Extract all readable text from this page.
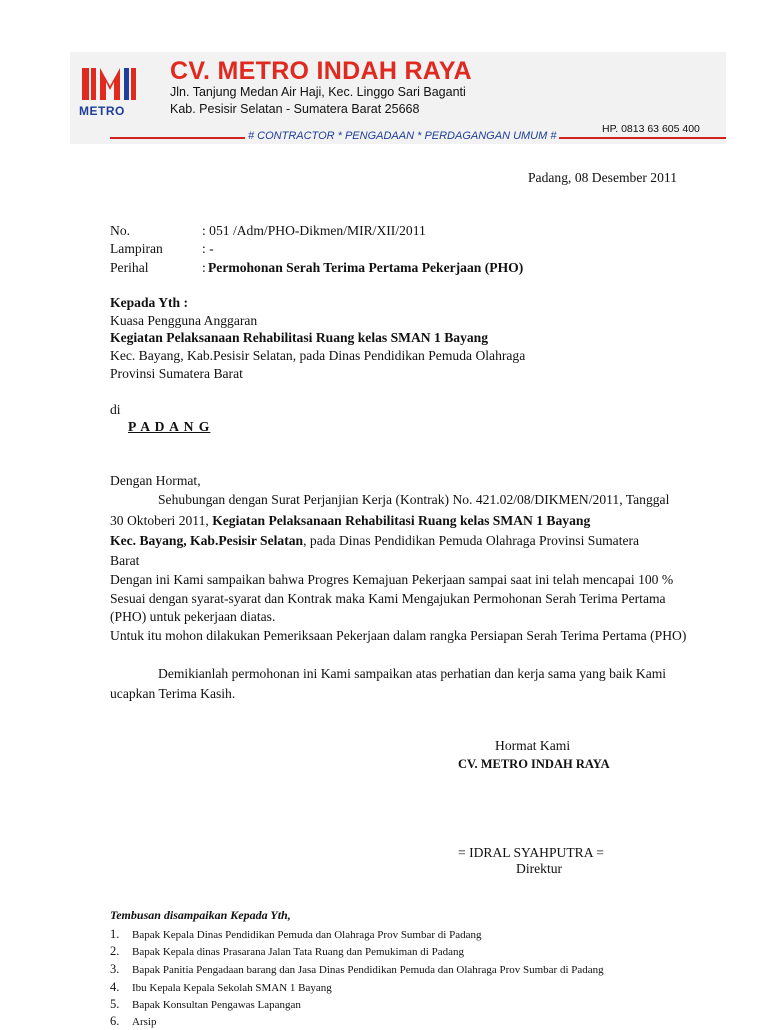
METRO
CV. METRO INDAH RAYA
Jln. Tanjung Medan Air Haji, Kec. Linggo Sari Baganti
Kab. Pesisir Selatan - Sumatera Barat 25668
HP. 0813 63 605 400
# CONTRACTOR * PENGADAAN * PERDAGANGAN UMUM #
Padang, 08 Desember 2011
No.	: 051 /Adm/PHO-Dikmen/MIR/XII/2011
Lampiran	: -
Perihal	: Permohonan Serah Terima Pertama Pekerjaan (PHO)
Kepada Yth :
Kuasa Pengguna Anggaran
Kegiatan Pelaksanaan Rehabilitasi Ruang kelas SMAN 1 Bayang
Kec. Bayang, Kab.Pesisir Selatan, pada Dinas Pendidikan Pemuda Olahraga
Provinsi Sumatera Barat
di
P A D A N G
Dengan Hormat,
Sehubungan dengan Surat Perjanjian Kerja (Kontrak) No. 421.02/08/DIKMEN/2011, Tanggal
30 Oktoberi 2011, Kegiatan Pelaksanaan Rehabilitasi Ruang kelas SMAN 1 Bayang
Kec. Bayang, Kab.Pesisir Selatan, pada Dinas Pendidikan Pemuda Olahraga Provinsi Sumatera
Barat
Dengan ini Kami sampaikan bahwa Progres Kemajuan Pekerjaan sampai saat ini telah mencapai 100 %
Sesuai dengan syarat-syarat dan Kontrak maka Kami Mengajukan Permohonan Serah Terima Pertama
(PHO) untuk pekerjaan diatas.
Untuk itu mohon dilakukan Pemeriksaan Pekerjaan dalam rangka Persiapan Serah Terima Pertama (PHO)
Demikianlah permohonan ini Kami sampaikan atas perhatian dan kerja sama yang baik Kami
ucapkan Terima Kasih.
Hormat Kami
CV. METRO INDAH RAYA
= IDRAL SYAHPUTRA =
Direktur
Tembusan disampaikan Kepada Yth,
1. Bapak Kepala Dinas Pendidikan Pemuda dan Olahraga Prov Sumbar di Padang
2. Bapak Kepala dinas Prasarana Jalan Tata Ruang dan Pemukiman di Padang
3. Bapak Panitia Pengadaan barang dan Jasa Dinas Pendidikan Pemuda dan Olahraga Prov Sumbar di Padang
4. Ibu Kepala Kepala Sekolah SMAN 1 Bayang
5. Bapak Konsultan Pengawas Lapangan
6. Arsip
